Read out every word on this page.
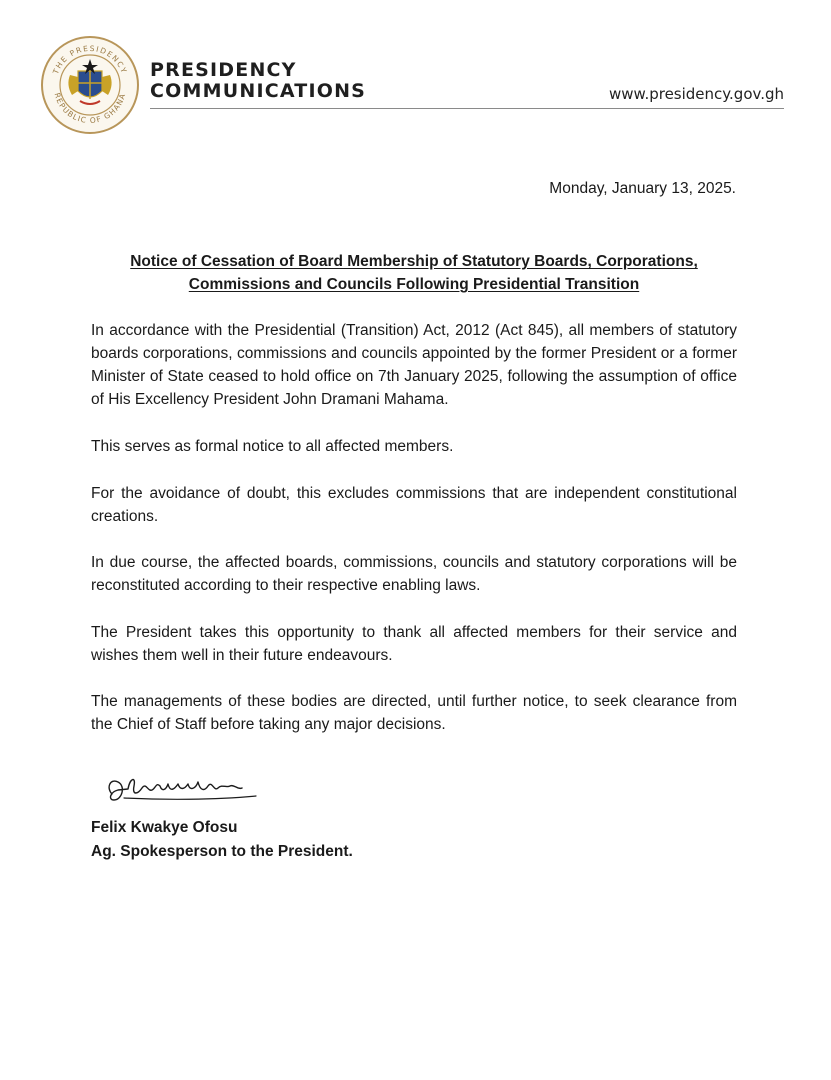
THE PRESIDENCY
REPUBLIC OF GHANA
PRESIDENCY
COMMUNICATIONS	www.presidency.gov.gh
Monday, January 13, 2025.
Notice of Cessation of Board Membership of Statutory Boards, Corporations,
Commissions and Councils Following Presidential Transition
In accordance with the Presidential (Transition) Act, 2012 (Act 845), all members of statutory boards corporations, commissions and councils appointed by the former President or a former Minister of State ceased to hold office on 7th January 2025, following the assumption of office of His Excellency President John Dramani Mahama.
This serves as formal notice to all affected members.
For the avoidance of doubt, this excludes commissions that are independent constitutional creations.
In due course, the affected boards, commissions, councils and statutory corporations will be reconstituted according to their respective enabling laws.
The President takes this opportunity to thank all affected members for their service and wishes them well in their future endeavours.
The managements of these bodies are directed, until further notice, to seek clearance from the Chief of Staff before taking any major decisions.
Felix Kwakye Ofosu
Ag. Spokesperson to the President.
